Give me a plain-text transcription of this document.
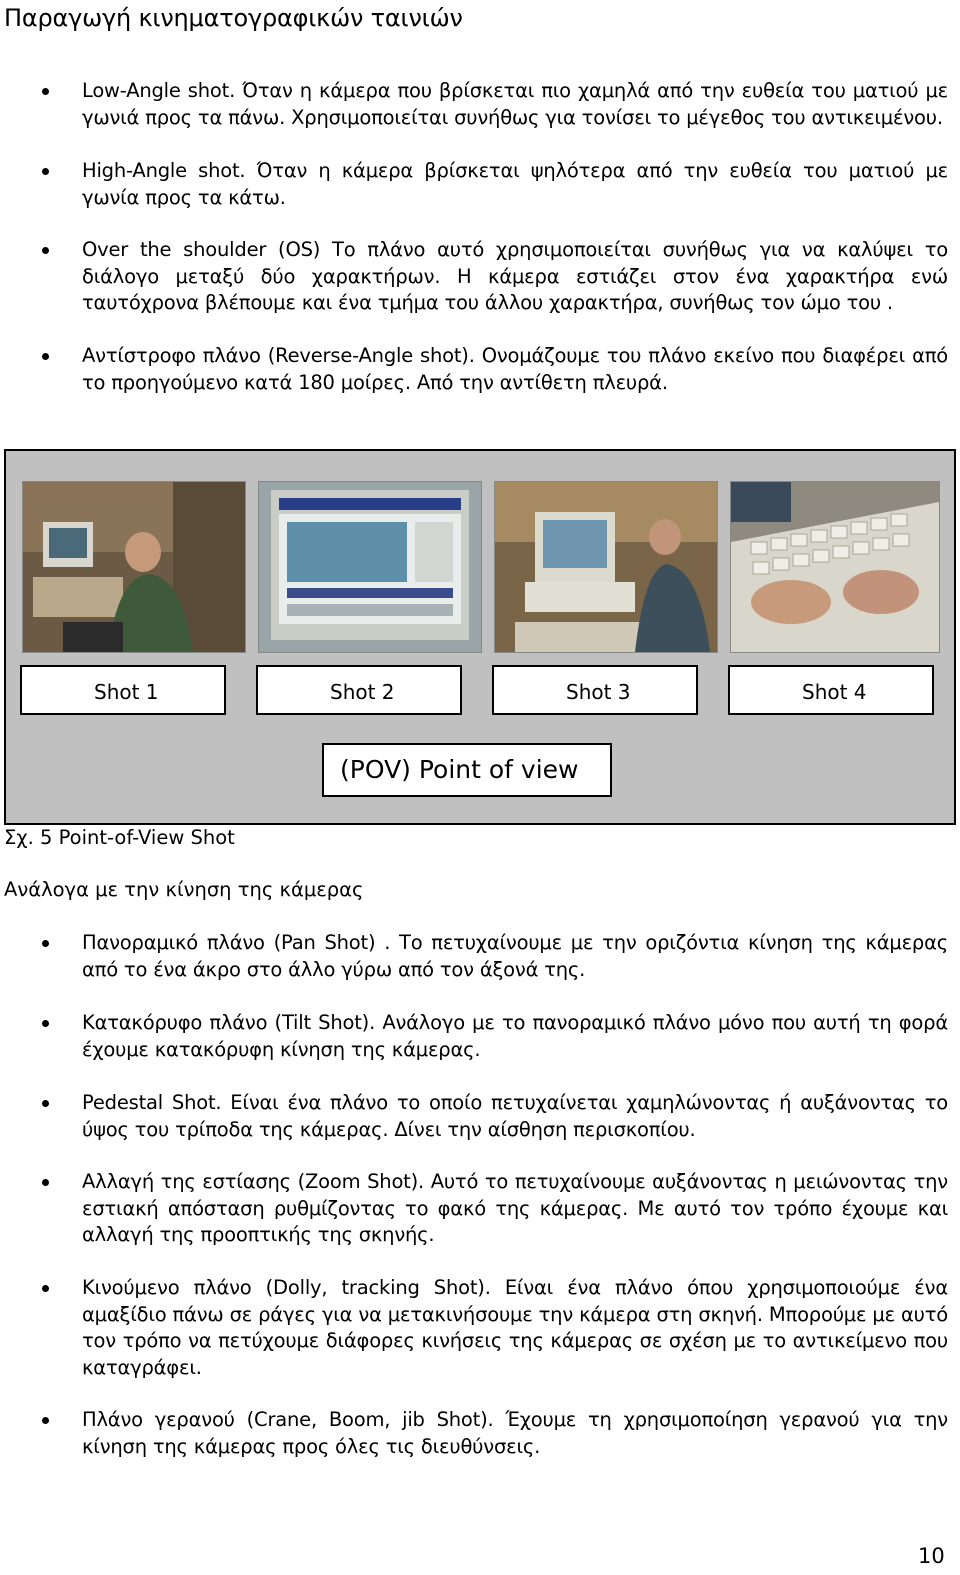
Παραγωγή κινηματογραφικών ταινιών
Low-Angle shot. Όταν η κάμερα που βρίσκεται πιο χαμηλά από την ευθεία του ματιού με γωνιά προς τα πάνω. Χρησιμοποιείται συνήθως για τονίσει το μέγεθος του αντικειμένου.
High-Angle shot. Όταν η κάμερα βρίσκεται ψηλότερα από την ευθεία του ματιού με γωνία προς τα κάτω.
Over the shoulder (OS) Το πλάνο αυτό χρησιμοποιείται συνήθως για να καλύψει το διάλογο μεταξύ δύο χαρακτήρων. Η κάμερα εστιάζει στον ένα χαρακτήρα ενώ ταυτόχρονα βλέπουμε και ένα τμήμα του άλλου χαρακτήρα, συνήθως τον ώμο του .
Αντίστροφο πλάνο (Reverse-Angle shot). Ονομάζουμε του πλάνο εκείνο που διαφέρει από το προηγούμενο κατά 180 μοίρες. Από την αντίθετη πλευρά.
Shot 1	Shot 2	Shot 3	Shot 4
(POV) Point of view
Σχ. 5 Point-of-View Shot
Ανάλογα με την κίνηση της κάμερας
Πανοραμικό πλάνο (Pan Shot) . Το πετυχαίνουμε με την οριζόντια κίνηση της κάμερας από το ένα άκρο στο άλλο γύρω από τον άξονά της.
Κατακόρυφο πλάνο (Tilt Shot). Ανάλογο με το πανοραμικό πλάνο μόνο που αυτή τη φορά έχουμε κατακόρυφη κίνηση της κάμερας.
Pedestal Shot. Είναι ένα πλάνο το οποίο πετυχαίνεται χαμηλώνοντας ή αυξάνοντας το ύψος του τρίποδα της κάμερας. Δίνει την αίσθηση περισκοπίου.
Αλλαγή της εστίασης (Zoom Shot). Αυτό το πετυχαίνουμε αυξάνοντας η μειώνοντας την εστιακή απόσταση ρυθμίζοντας το φακό της κάμερας. Με αυτό τον τρόπο έχουμε και αλλαγή της προοπτικής της σκηνής.
Κινούμενο πλάνο (Dolly, tracking Shot). Είναι ένα πλάνο όπου χρησιμοποιούμε ένα αμαξίδιο πάνω σε ράγες για να μετακινήσουμε την κάμερα στη σκηνή. Μπορούμε με αυτό τον τρόπο να πετύχουμε διάφορες κινήσεις της κάμερας σε σχέση με το αντικείμενο που καταγράφει.
Πλάνο γερανού (Crane, Boom, jib Shot). Έχουμε τη χρησιμοποίηση γερανού για την κίνηση της κάμερας προς όλες τις διευθύνσεις.
10
